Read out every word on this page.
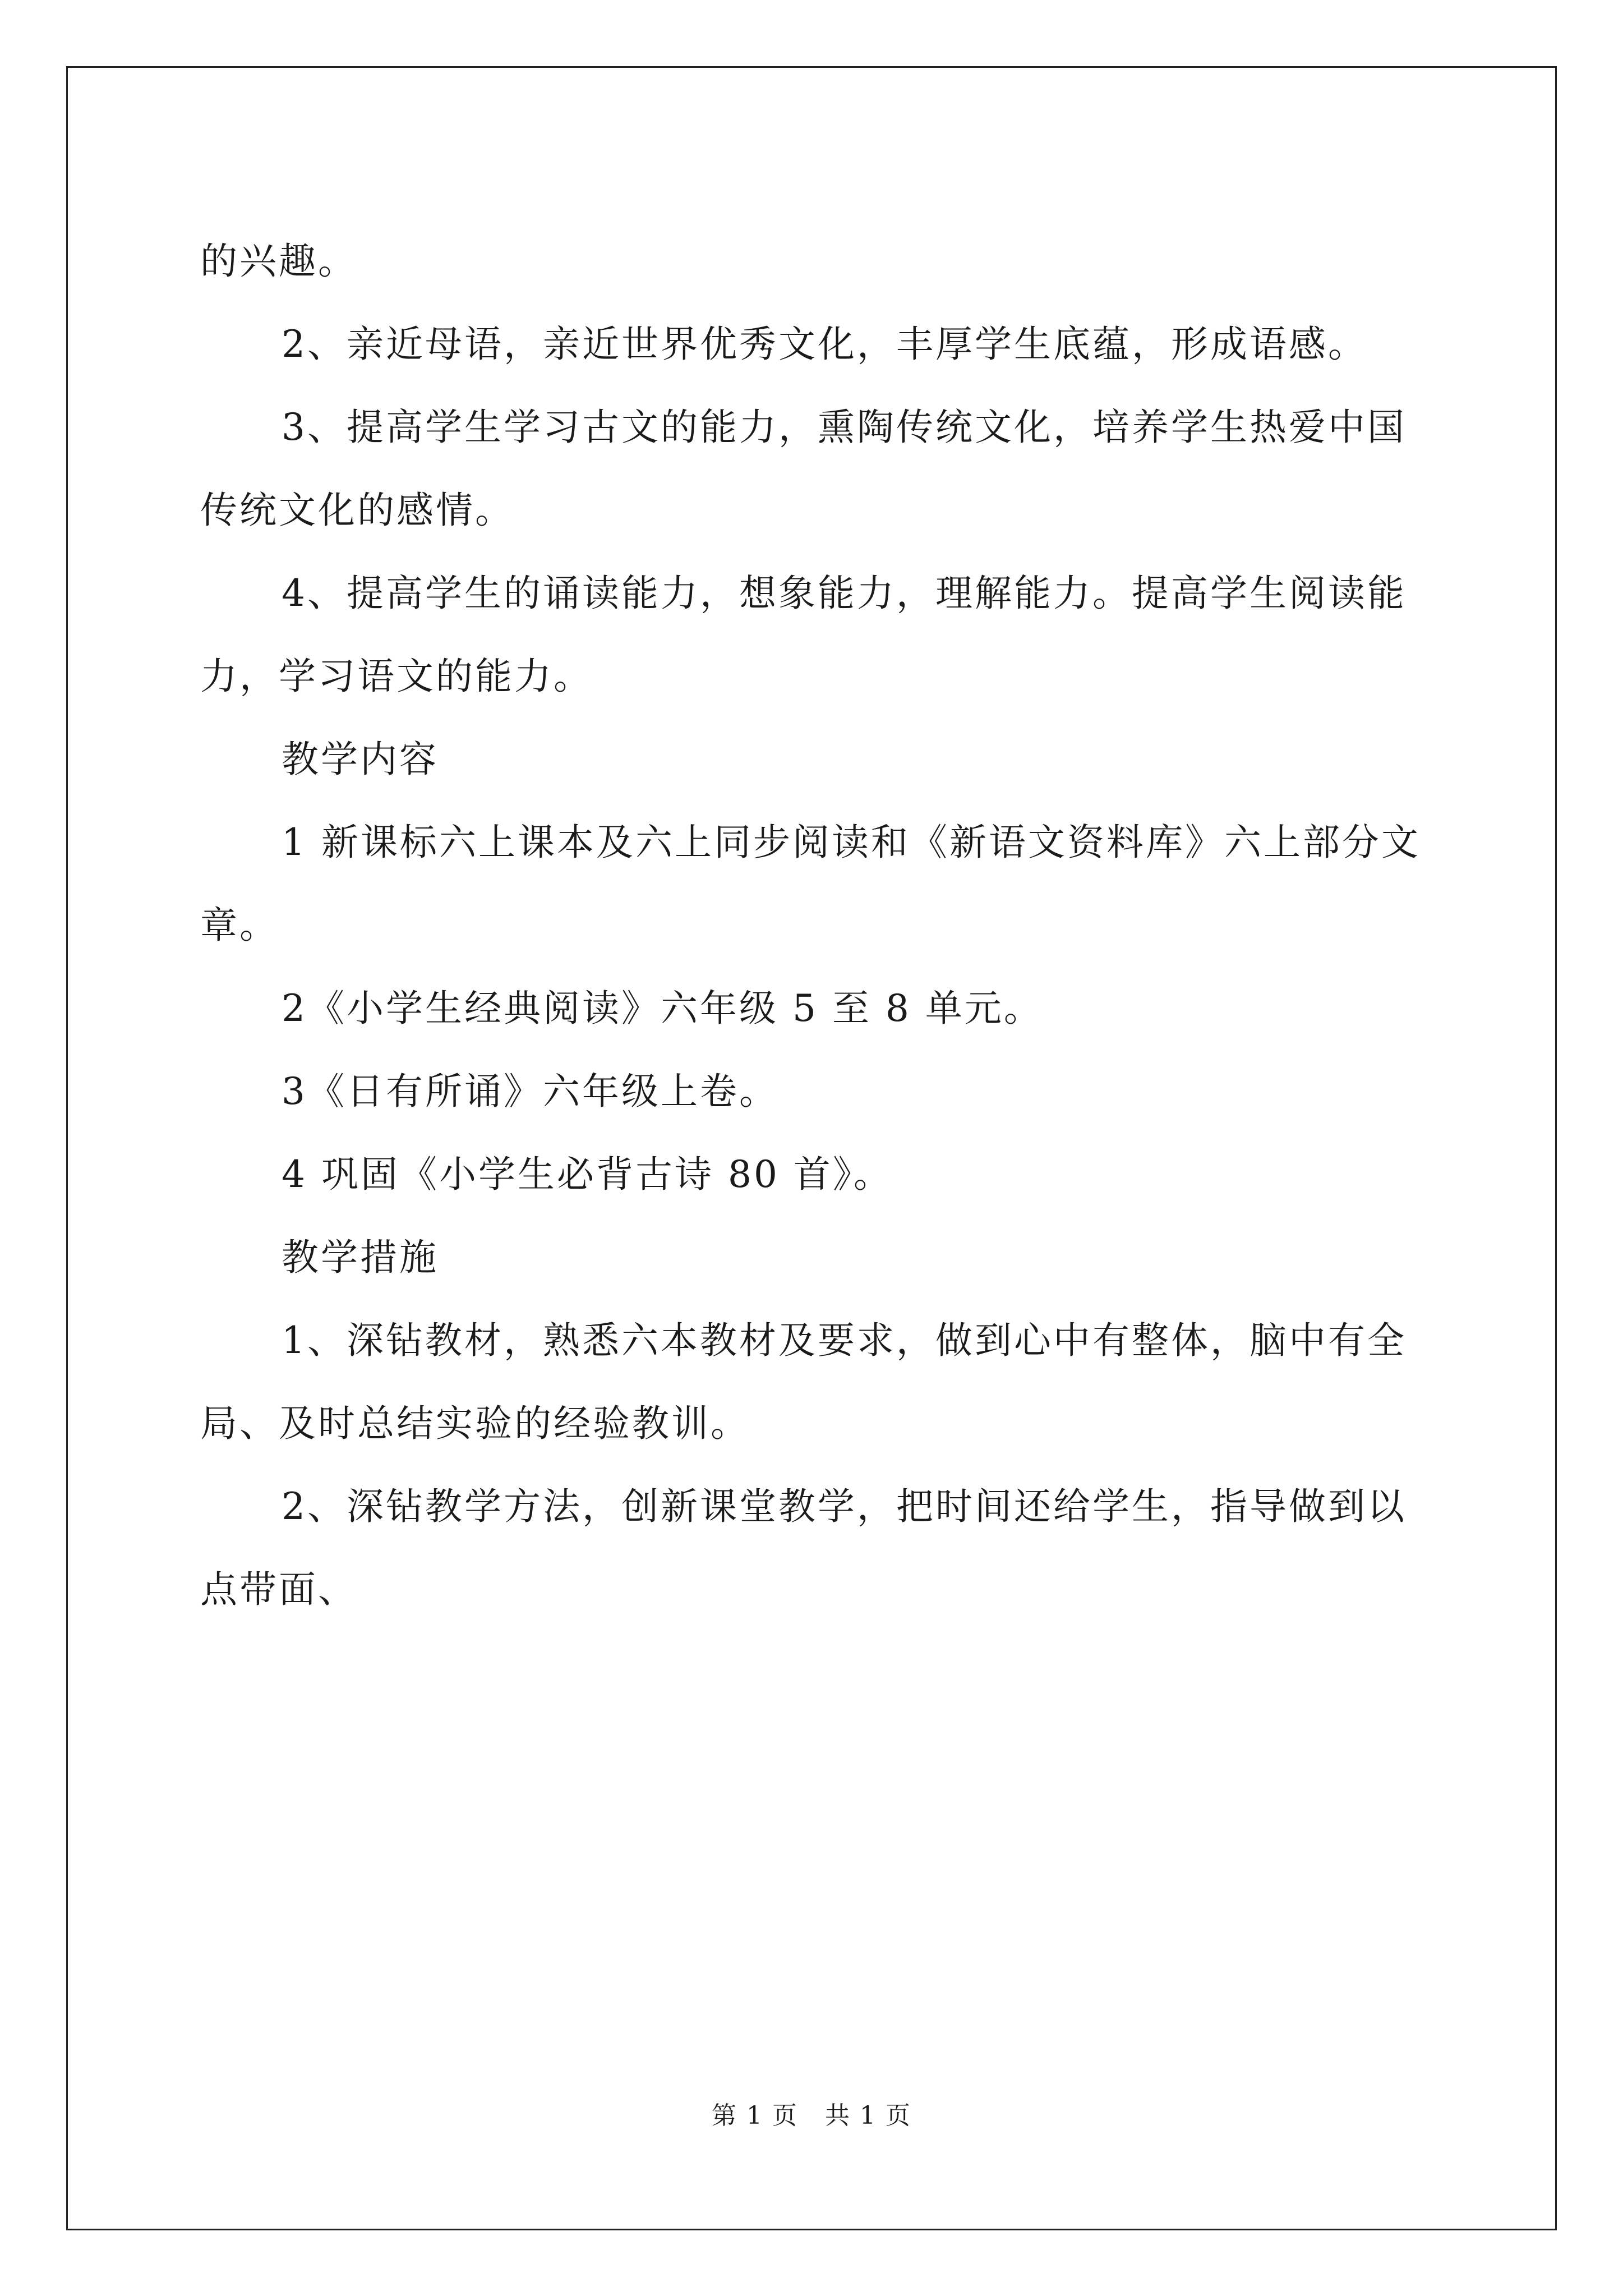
的兴趣。

2、亲近母语，亲近世界优秀文化，丰厚学生底蕴，形成语感。

3、提高学生学习古文的能力，熏陶传统文化，培养学生热爱中国传统文化的感情。

4、提高学生的诵读能力，想象能力，理解能力。提高学生阅读能力，学习语文的能力。

教学内容

1 新课标六上课本及六上同步阅读和《新语文资料库》六上部分文章。

2《小学生经典阅读》六年级 5 至 8 单元。

3《日有所诵》六年级上卷。

4 巩固《小学生必背古诗 80 首》。

教学措施

1、深钻教材，熟悉六本教材及要求，做到心中有整体，脑中有全局、及时总结实验的经验教训。

2、深钻教学方法，创新课堂教学，把时间还给学生，指导做到以点带面、

第 1 页 共 1 页
